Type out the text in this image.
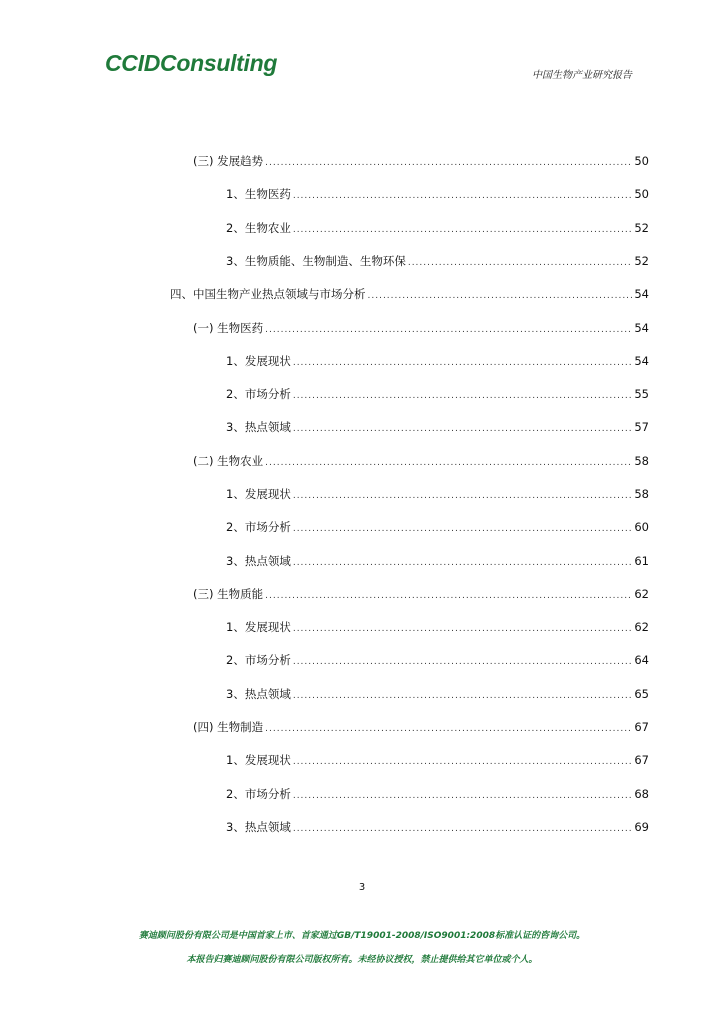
CCIDConsulting	中国生物产业研究报告
(三) 发展趋势 .....	50
1、生物医药 .....	50
2、生物农业 .....	52
3、生物质能、生物制造、生物环保 .....	52
四、中国生物产业热点领域与市场分析 .....	54
(一) 生物医药 .....	54
1、发展现状 .....	54
2、市场分析 .....	55
3、热点领域 .....	57
(二) 生物农业 .....	58
1、发展现状 .....	58
2、市场分析 .....	60
3、热点领域 .....	61
(三) 生物质能 .....	62
1、发展现状 .....	62
2、市场分析 .....	64
3、热点领域 .....	65
(四) 生物制造 .....	67
1、发展现状 .....	67
2、市场分析 .....	68
3、热点领域 .....	69
3
赛迪顾问股份有限公司是中国首家上市、首家通过GB/T19001-2008/ISO9001:2008标准认证的咨询公司。
本报告归赛迪顾问股份有限公司版权所有。未经协议授权，禁止提供给其它单位或个人。
